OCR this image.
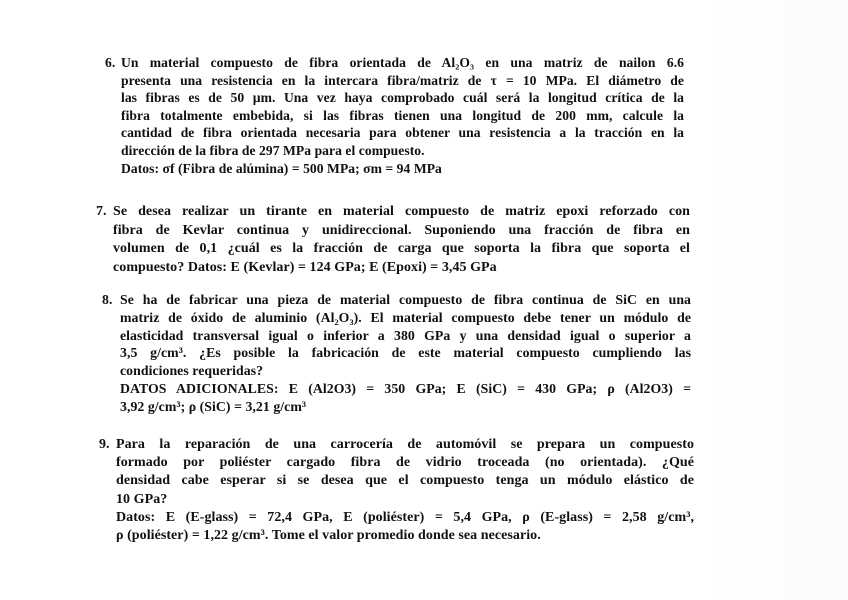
6. Un material compuesto de fibra orientada de Al₂O₃ en una matriz de nailon 6.6
presenta una resistencia en la intercara fibra/matriz de τ = 10 MPa. El diámetro de
las fibras es de 50 µm. Una vez haya comprobado cuál será la longitud crítica de la
fibra totalmente embebida, si las fibras tienen una longitud de 200 mm, calcule la
cantidad de fibra orientada necesaria para obtener una resistencia a la tracción en la
dirección de la fibra de 297 MPa para el compuesto.
Datos: σf (Fibra de alúmina) = 500 MPa; σm = 94 MPa
7. Se desea realizar un tirante en material compuesto de matriz epoxi reforzado con
fibra de Kevlar continua y unidireccional. Suponiendo una fracción de fibra en
volumen de 0,1 ¿cuál es la fracción de carga que soporta la fibra que soporta el
compuesto? Datos: E (Kevlar) = 124 GPa; E (Epoxi) = 3,45 GPa
8. Se ha de fabricar una pieza de material compuesto de fibra continua de SiC en una
matriz de óxido de aluminio (Al₂O₃). El material compuesto debe tener un módulo de
elasticidad transversal igual o inferior a 380 GPa y una densidad igual o superior a
3,5 g/cm³. ¿Es posible la fabricación de este material compuesto cumpliendo las
condiciones requeridas?
DATOS ADICIONALES: E (Al2O3) = 350 GPa; E (SiC) = 430 GPa; ρ (Al2O3) =
3,92 g/cm³; ρ (SiC) = 3,21 g/cm³
9. Para la reparación de una carrocería de automóvil se prepara un compuesto
formado por poliéster cargado fibra de vidrio troceada (no orientada). ¿Qué
densidad cabe esperar si se desea que el compuesto tenga un módulo elástico de
10 GPa?
Datos: E (E-glass) = 72,4 GPa, E (poliéster) = 5,4 GPa, ρ (E-glass) = 2,58 g/cm³,
ρ (poliéster) = 1,22 g/cm³. Tome el valor promedio donde sea necesario.
